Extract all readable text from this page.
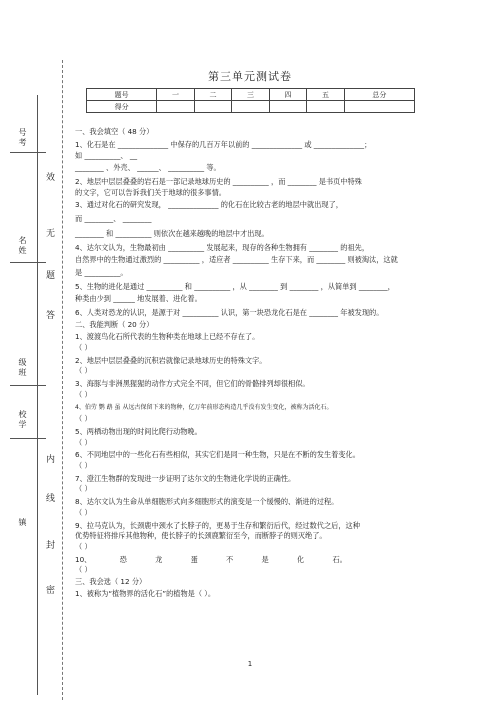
号考
名姓
级班
校学
镇
效
无
题
答
内
线
封
密
第三单元测试卷
题号	一	二	三	四	五	总分
得分						

一、我会填空（ 48 分）

1、化石是在 ______________ 中保存的几百万年以前的 ______________ 或 ______________；

如 __________、 __

________ 、外壳、 ______、 __________ 等。

2、地层中层层叠叠的岩石是一部记录地球历史的 __________ ，而 ________ 是书页中特殊

的文字，它可以告诉我们关于地球的很多事情。

3、通过对化石的研究发现， ______________ 的化石在比较古老的地层中就出现了，

而 ________、 ________

________ 和 __________ 则依次在越来越晚的地层中才出现。

4、达尔文认为，生物最初由 __________ 发展起来，现存的各种生物拥有 ________ 的祖先，

自然界中的生物通过激烈的 __________ ，适应者 __________ 生存下来，而 ________ 则被淘汰，这就

是 __________。

5、生物的进化是通过 __________ 和 __________ ，从 ________ 到 ________ ，从简单到 ________，

种类由少到 ______ 地发展着、进化着。

6、人类对恐龙的认识，是源于对 __________ 认识，第一块恐龙化石是在 ________ 年被发现的。

二、我能判断（ 20 分）

1、渡渡鸟化石所代表的生物种类在地球上已经不存在了。

（ ）

2、地层中层层叠叠的沉积岩就像记录地球历史的特殊文字。

（ ）

3、海豚与非洲黑猩猩的动作方式完全不同，但它们的骨骼排列却很相似。

（ ）

4、伯劳 鹦 鹉 虽 从远古保留下来的物种，亿万年前形态构造几乎没有发生变化，被称为活化石。

（ ）

5、两栖动物出现的时间比爬行动物晚。

（ ）

6、不同地层中的一些化石有些相似，其实它们是同一种生物，只是在不断的发生着变化。

（ ）

7、澄江生物群的发现进一步证明了达尔文的生物进化学说的正确性。

（ ）

8、达尔文认为生命从单细胞形式向多细胞形式的演变是一个缓慢的、渐进的过程。

（ ）

9、拉马克认为，长颈鹿中颈水了长脖子的，更易于生存和繁衍后代，经过数代之后，这种

优势特征将排斥其他物种，使长脖子的长颈鹿繁衍至今，而断脖子的则灭绝了。

（ ）

10、 恐 龙 蛋 不 是 化 石。

（ ）

三、我会选（ 12 分）

1、被称为“植物界的活化石”的植物是（ ）。

1
